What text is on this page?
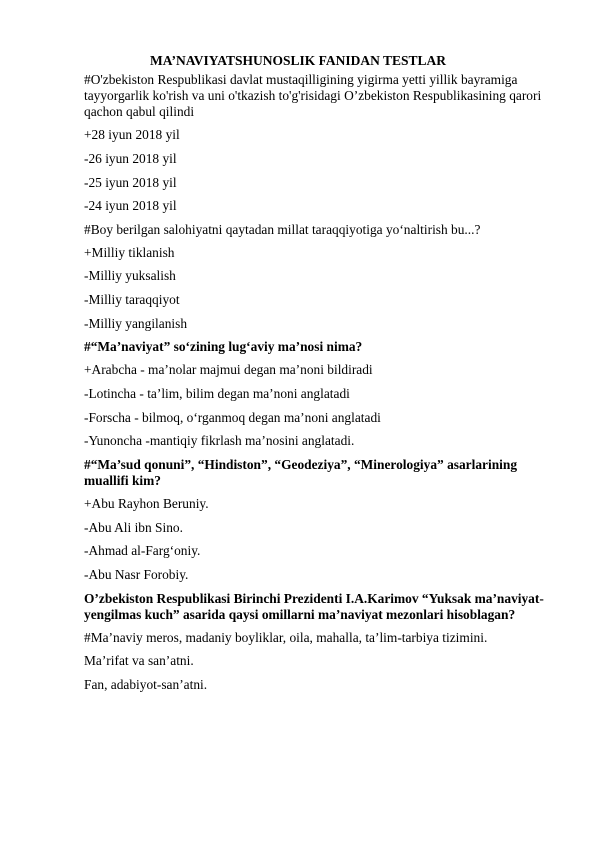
MA’NAVIYATSHUNOSLIK FANIDAN TESTLAR

#O'zbekiston Respublikasi davlat mustaqilligining yigirma yetti yillik bayramiga tayyorgarlik ko'rish va uni o'tkazish to'g'risidagi O’zbekiston Respublikasining qarori qachon qabul qilindi

+28 iyun 2018 yil

-26 iyun 2018 yil

-25 iyun 2018 yil

-24 iyun 2018 yil

#Boy berilgan salohiyatni qaytadan millat taraqqiyotiga yo‘naltirish bu...?

+Milliy tiklanish

-Milliy yuksalish

-Milliy taraqqiyot

-Milliy yangilanish

#“Ma’naviyat” so‘zining lug‘aviy ma’nosi nima?

+Arabcha - ma’nolar majmui degan ma’noni bildiradi

-Lotincha - ta’lim, bilim degan ma’noni anglatadi

-Forscha - bilmoq, o‘rganmoq degan ma’noni anglatadi

-Yunoncha -mantiqiy fikrlash ma’nosini anglatadi.

#“Ma’sud qonuni”, “Hindiston”, “Geodeziya”, “Minerologiya” asarlarining muallifi kim?

+Abu Rayhon Beruniy.

-Abu Ali ibn Sino.

-Ahmad al-Farg‘oniy.

-Abu Nasr Forobiy.

O’zbekiston Respublikasi Birinchi Prezidenti I.A.Karimov “Yuksak ma’naviyat-yengilmas kuch” asarida qaysi omillarni ma’naviyat mezonlari hisoblagan?

#Ma’naviy meros, madaniy boyliklar, oila, mahalla, ta’lim-tarbiya tizimini.

Ma’rifat va san’atni.

Fan, adabiyot-san’atni.
